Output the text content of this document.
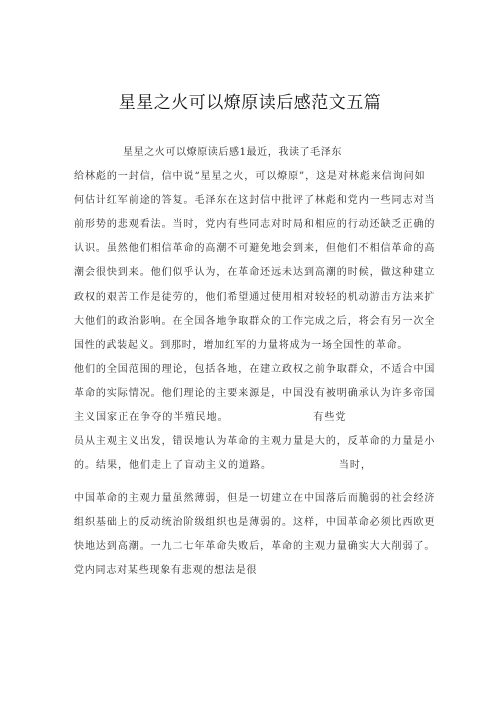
星星之火可以燎原读后感范文五篇
星星之火可以燎原读后感1最近，我读了毛泽东
给林彪的一封信，信中说“星星之火，可以燎原”，这是对林彪来信询问如
何估计红军前途的答复。毛泽东在这封信中批评了林彪和党内一些同志对当
前形势的悲观看法。当时，党内有些同志对时局和相应的行动还缺乏正确的
认识。虽然他们相信革命的高潮不可避免地会到来，但他们不相信革命的高
潮会很快到来。他们似乎认为，在革命还远未达到高潮的时候，做这种建立
政权的艰苦工作是徒劳的，他们希望通过使用相对较轻的机动游击方法来扩
大他们的政治影响。在全国各地争取群众的工作完成之后，将会有另一次全
国性的武装起义。到那时，增加红军的力量将成为一场全国性的革命。
他们的全国范围的理论，包括各地，在建立政权之前争取群众，不适合中国
革命的实际情况。他们理论的主要来源是，中国没有被明确承认为许多帝国
主义国家正在争夺的半殖民地。                    有些党
员从主观主义出发，错误地认为革命的主观力量是大的，反革命的力量是小
的。结果，他们走上了盲动主义的道路。                当时，
中国革命的主观力量虽然薄弱，但是一切建立在中国落后而脆弱的社会经济
组织基础上的反动统治阶级组织也是薄弱的。这样，中国革命必须比西欧更
快地达到高潮。一九二七年革命失败后，革命的主观力量确实大大削弱了。
党内同志对某些现象有悲观的想法是很
